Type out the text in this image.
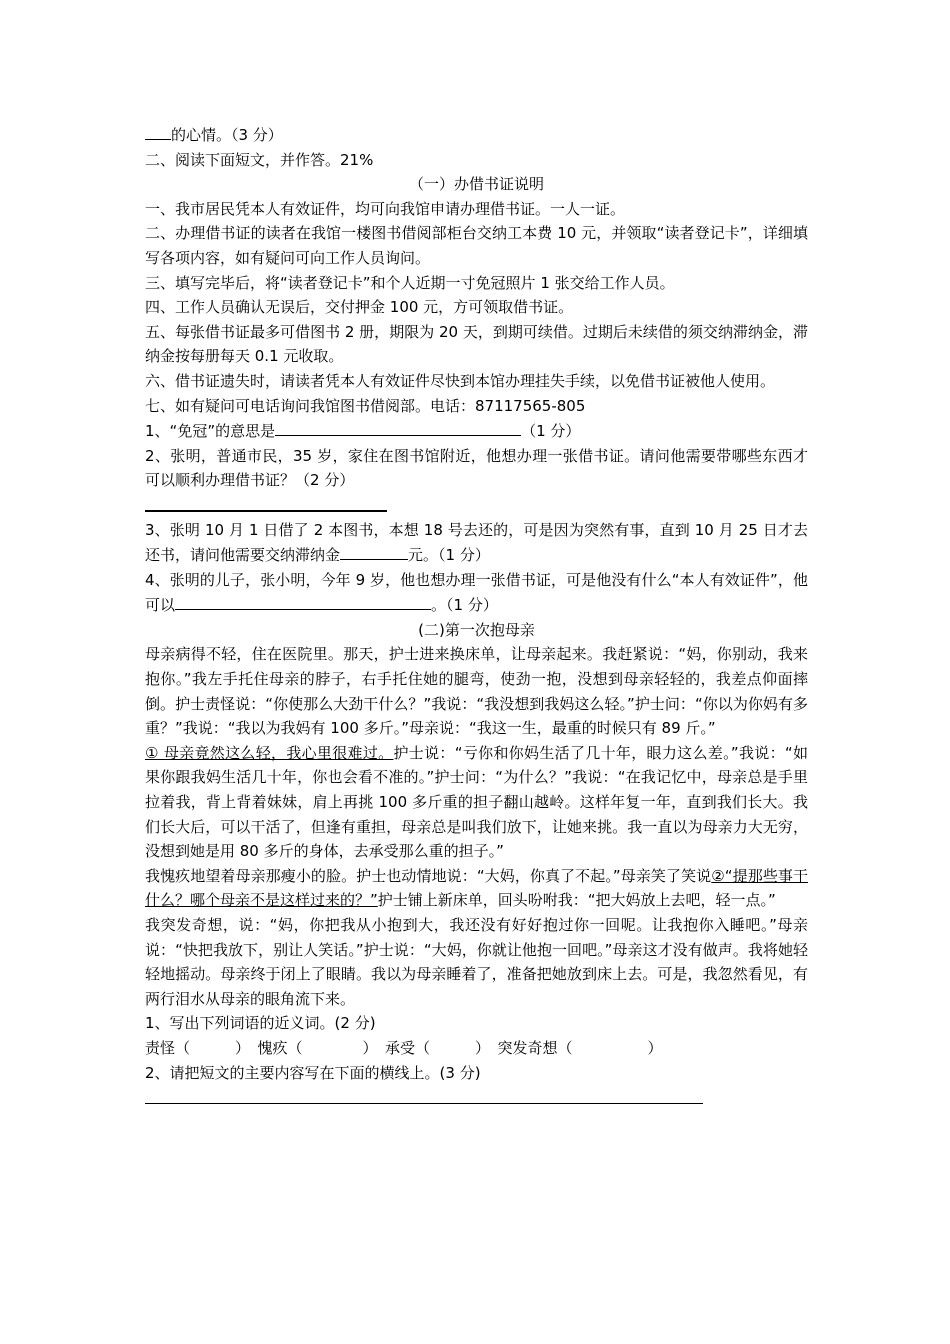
的心情。（3 分）

二、阅读下面短文，并作答。21%

（一）办借书证说明

一、我市居民凭本人有效证件，均可向我馆申请办理借书证。一人一证。

二、办理借书证的读者在我馆一楼图书借阅部柜台交纳工本费 10 元，并领取“读者登记卡”，详细填写各项内容，如有疑问可向工作人员询问。

三、填写完毕后，将“读者登记卡”和个人近期一寸免冠照片 1 张交给工作人员。

四、工作人员确认无误后，交付押金 100 元，方可领取借书证。

五、每张借书证最多可借图书 2 册，期限为 20 天，到期可续借。过期后未续借的须交纳滞纳金，滞纳金按每册每天 0.1 元收取。

六、借书证遗失时，请读者凭本人有效证件尽快到本馆办理挂失手续，以免借书证被他人使用。

七、如有疑问可电话询问我馆图书借阅部。电话：87117565-805

1、“免冠”的意思是	（1 分）

2、张明，普通市民，35 岁，家住在图书馆附近，他想办理一张借书证。请问他需要带哪些东西才可以顺利办理借书证？（2 分）

3、张明 10 月 1 日借了 2 本图书，本想 18 号去还的，可是因为突然有事，直到 10 月 25 日才去还书，请问他需要交纳滞纳金	元。（1 分）

4、张明的儿子，张小明，今年 9 岁，他也想办理一张借书证，可是他没有什么“本人有效证件”，他可以	。（1 分）

(二)第一次抱母亲

母亲病得不轻，住在医院里。那天，护士进来换床单，让母亲起来。我赶紧说：“妈，你别动，我来抱你。”我左手托住母亲的脖子，右手托住她的腿弯，使劲一抱，没想到母亲轻轻的，我差点仰面摔倒。护士责怪说：“你使那么大劲干什么？”我说：“我没想到我妈这么轻。”护士问：“你以为你妈有多重？”我说：“我以为我妈有 100 多斤。”母亲说：“我这一生，最重的时候只有 89 斤。”

① 母亲竟然这么轻，我心里很难过。护士说：“亏你和你妈生活了几十年，眼力这么差。”我说：“如果你跟我妈生活几十年，你也会看不准的。”护士问：“为什么？”我说：“在我记忆中，母亲总是手里拉着我，背上背着妹妹，肩上再挑 100 多斤重的担子翻山越岭。这样年复一年，直到我们长大。我们长大后，可以干活了，但逢有重担，母亲总是叫我们放下，让她来挑。我一直以为母亲力大无穷，没想到她是用 80 多斤的身体，去承受那么重的担子。”

我愧疚地望着母亲那瘦小的脸。护士也动情地说：“大妈，你真了不起。”母亲笑了笑说②“提那些事干什么？哪个母亲不是这样过来的？”护士铺上新床单，回头吩咐我：“把大妈放上去吧，轻一点。”

我突发奇想，说：“妈，你把我从小抱到大，我还没有好好抱过你一回呢。让我抱你入睡吧。”母亲说：“快把我放下，别让人笑话。”护士说：“大妈，你就让他抱一回吧。”母亲这才没有做声。我将她轻轻地摇动。母亲终于闭上了眼睛。我以为母亲睡着了，准备把她放到床上去。可是，我忽然看见，有两行泪水从母亲的眼角流下来。

1、写出下列词语的近义词。(2 分)

责怪（　　　）　愧疚（　　　　）　承受（　　　）　突发奇想（　　　　　）

2、请把短文的主要内容写在下面的横线上。(3 分)
